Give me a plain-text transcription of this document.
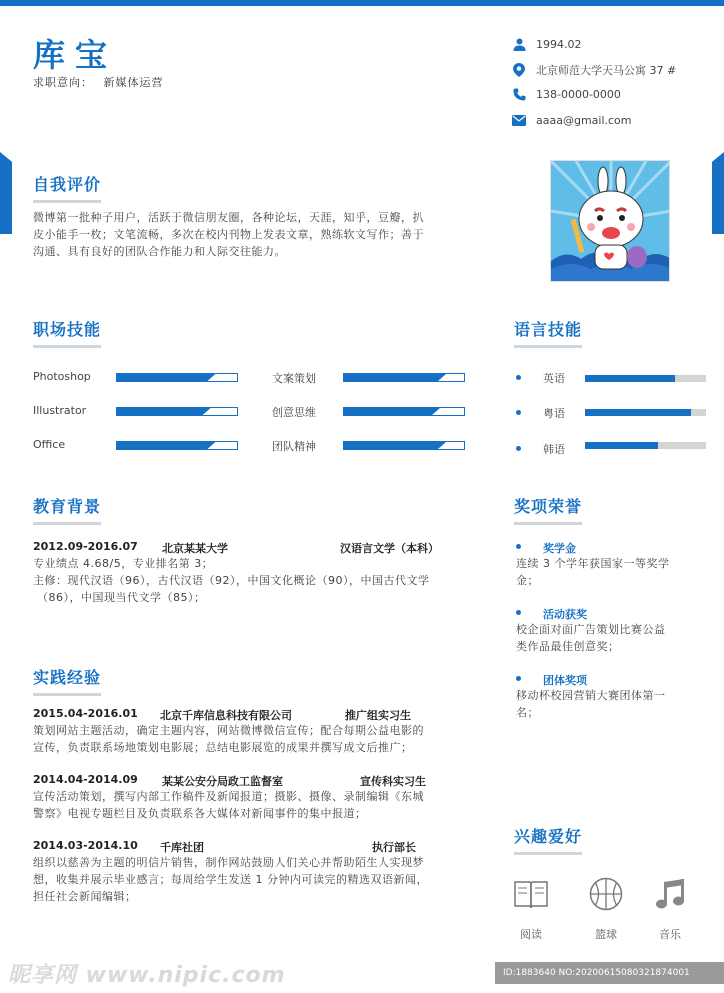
库宝
求职意向： 新媒体运营
1994.02
北京师范大学天马公寓 37 #
138-0000-0000
aaaa@gmail.com
自我评价
微博第一批种子用户，活跃于微信朋友圈，各种论坛，天涯，知乎，豆瓣，扒
皮小能手一枚；文笔流畅，多次在校内刊物上发表文章，熟练软文写作；善于
沟通、具有良好的团队合作能力和人际交往能力。
职场技能
Photoshop	文案策划
Illustrator	创意思维
Office	团队精神
语言技能
英语
粤语
韩语
教育背景
2012.09-2016.07 北京某某大学	汉语言文学（本科）
专业绩点 4.68/5，专业排名第 3；
主修：现代汉语（96），古代汉语（92），中国文化概论（90），中国古代文学
（86），中国现当代文学（85）；
实践经验
2015.04-2016.01 北京千库信息科技有限公司	推广组实习生
策划网站主题活动，确定主题内容，网站微博微信宣传；配合每期公益电影的
宣传，负责联系场地策划电影展；总结电影展览的成果并撰写成文后推广；
2014.04-2014.09 某某公安分局政工监督室	宣传科实习生
宣传活动策划，撰写内部工作稿件及新闻报道；摄影、摄像、录制编辑《东城
警察》电视专题栏目及负责联系各大媒体对新闻事件的集中报道；
2014.03-2014.10 千库社团	执行部长
组织以慈善为主题的明信片销售，制作网站鼓励人们关心并帮助陌生人实现梦
想，收集并展示毕业感言；每周给学生发送 1 分钟内可读完的精选双语新闻，
担任社会新闻编辑；
奖项荣誉
奖学金
连续 3 个学年获国家一等奖学
金；
活动获奖
校企面对面广告策划比赛公益
类作品最佳创意奖；
团体奖项
移动杯校园营销大赛团体第一
名；
兴趣爱好
阅读	篮球	音乐
昵享网 www.nipic.com	ID:1883640 NO:20200615080321874001
